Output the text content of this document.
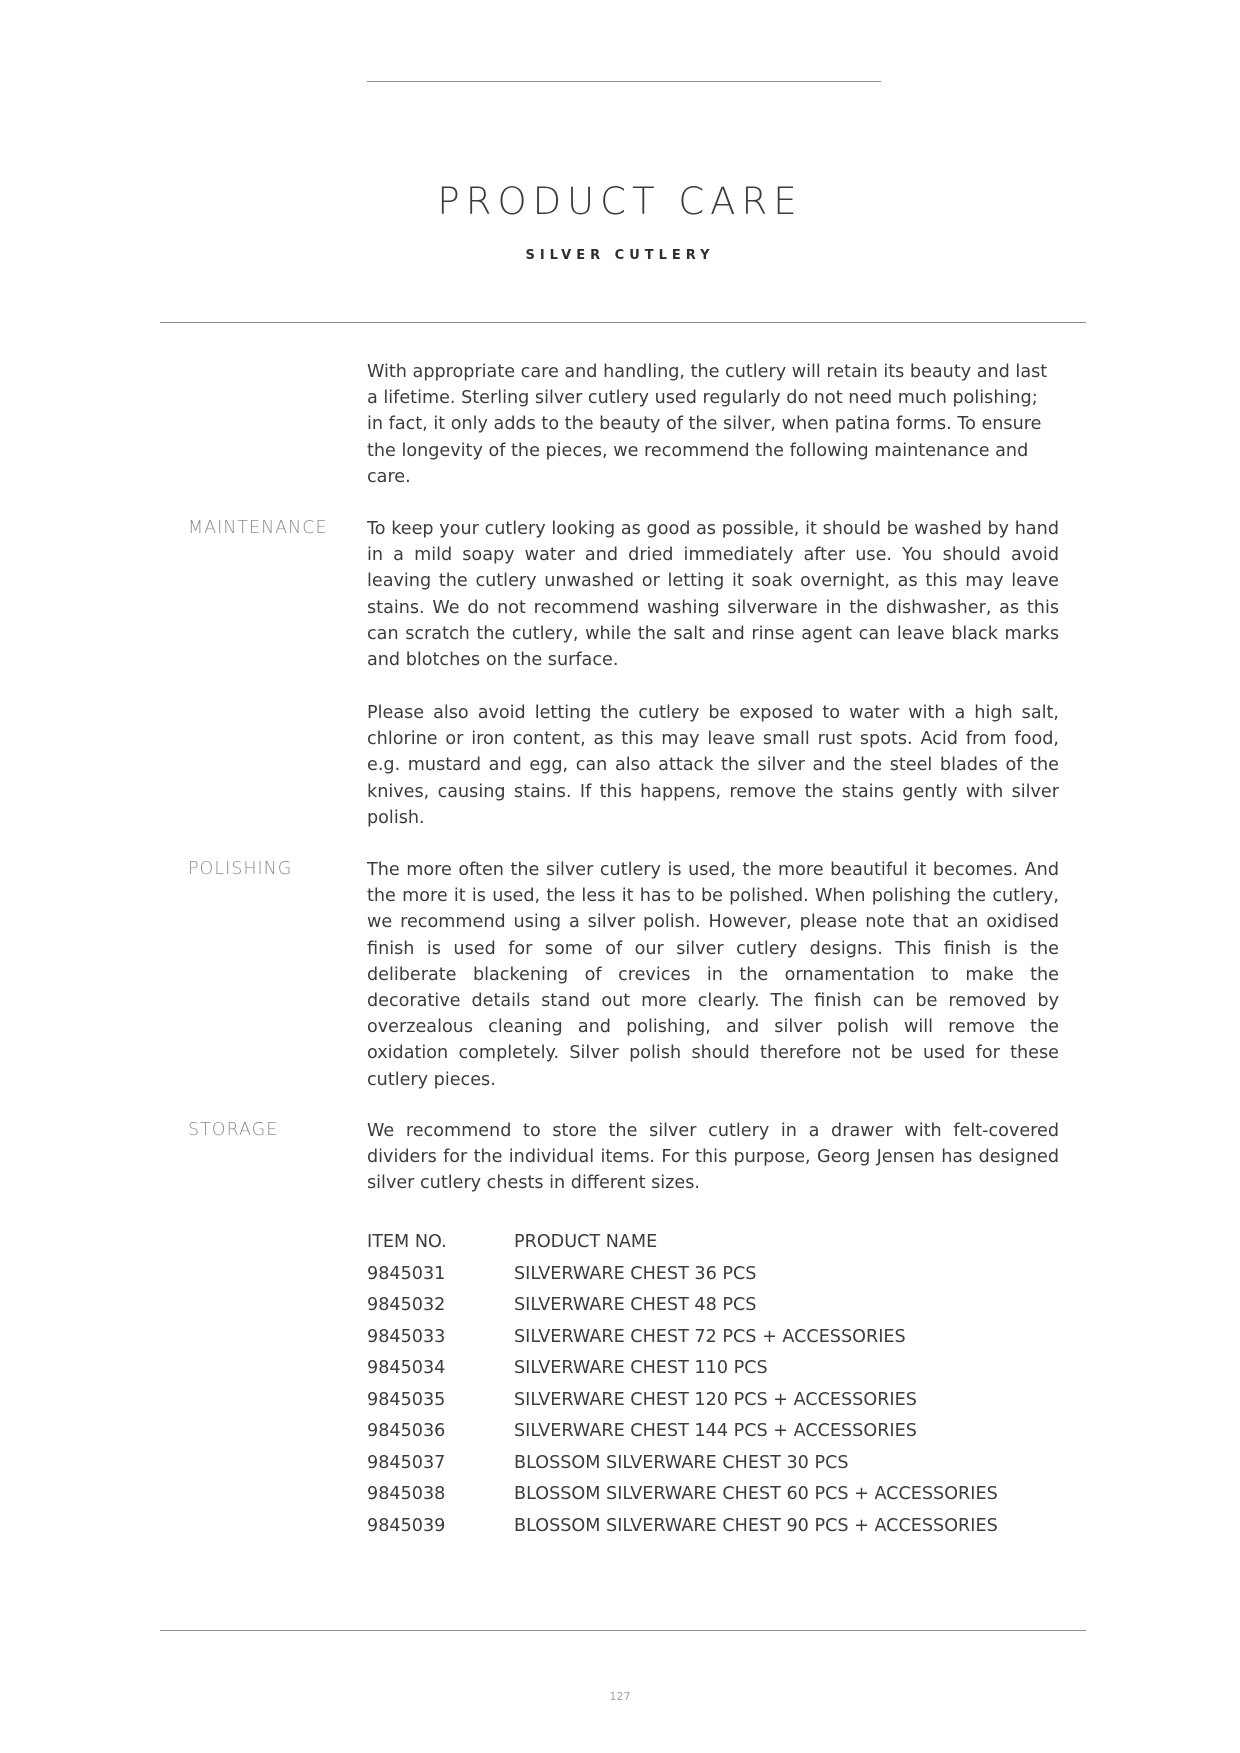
PRODUCT CARE
SILVER CUTLERY
With appropriate care and handling, the cutlery will retain its beauty and last a lifetime. Sterling silver cutlery used regularly do not need much polishing; in fact, it only adds to the beauty of the silver, when patina forms. To ensure the longevity of the pieces, we recommend the following maintenance and care.
MAINTENANCE To keep your cutlery looking as good as possible, it should be washed by hand in a mild soapy water and dried immediately after use. You should avoid leaving the cutlery unwashed or letting it soak overnight, as this may leave stains. We do not recommend washing silverware in the dishwasher, as this can scratch the cutlery, while the salt and rinse agent can leave black marks and blotches on the surface.
Please also avoid letting the cutlery be exposed to water with a high salt, chlorine or iron content, as this may leave small rust spots. Acid from food, e.g. mustard and egg, can also attack the silver and the steel blades of the knives, causing stains. If this happens, remove the stains gently with silver polish.
POLISHING	The more often the silver cutlery is used, the more beautiful it becomes. And the more it is used, the less it has to be polished. When polishing the cutlery, we recommend using a silver polish. However, please note that an oxidised finish is used for some of our silver cutlery designs. This finish is the deliberate blackening of crevices in the ornamentation to make the decorative details stand out more clearly. The finish can be removed by overzealous cleaning and polishing, and silver polish will remove the oxidation completely. Silver polish should therefore not be used for these cutlery pieces.
STORAGE	We recommend to store the silver cutlery in a drawer with felt-covered dividers for the individual items. For this purpose, Georg Jensen has designed silver cutlery chests in different sizes.
ITEM NO.	PRODUCT NAME
9845031	SILVERWARE CHEST 36 PCS
9845032	SILVERWARE CHEST 48 PCS
9845033	SILVERWARE CHEST 72 PCS + ACCESSORIES
9845034	SILVERWARE CHEST 110 PCS
9845035	SILVERWARE CHEST 120 PCS + ACCESSORIES
9845036	SILVERWARE CHEST 144 PCS + ACCESSORIES
9845037	BLOSSOM SILVERWARE CHEST 30 PCS
9845038	BLOSSOM SILVERWARE CHEST 60 PCS + ACCESSORIES
9845039	BLOSSOM SILVERWARE CHEST 90 PCS + ACCESSORIES
127
